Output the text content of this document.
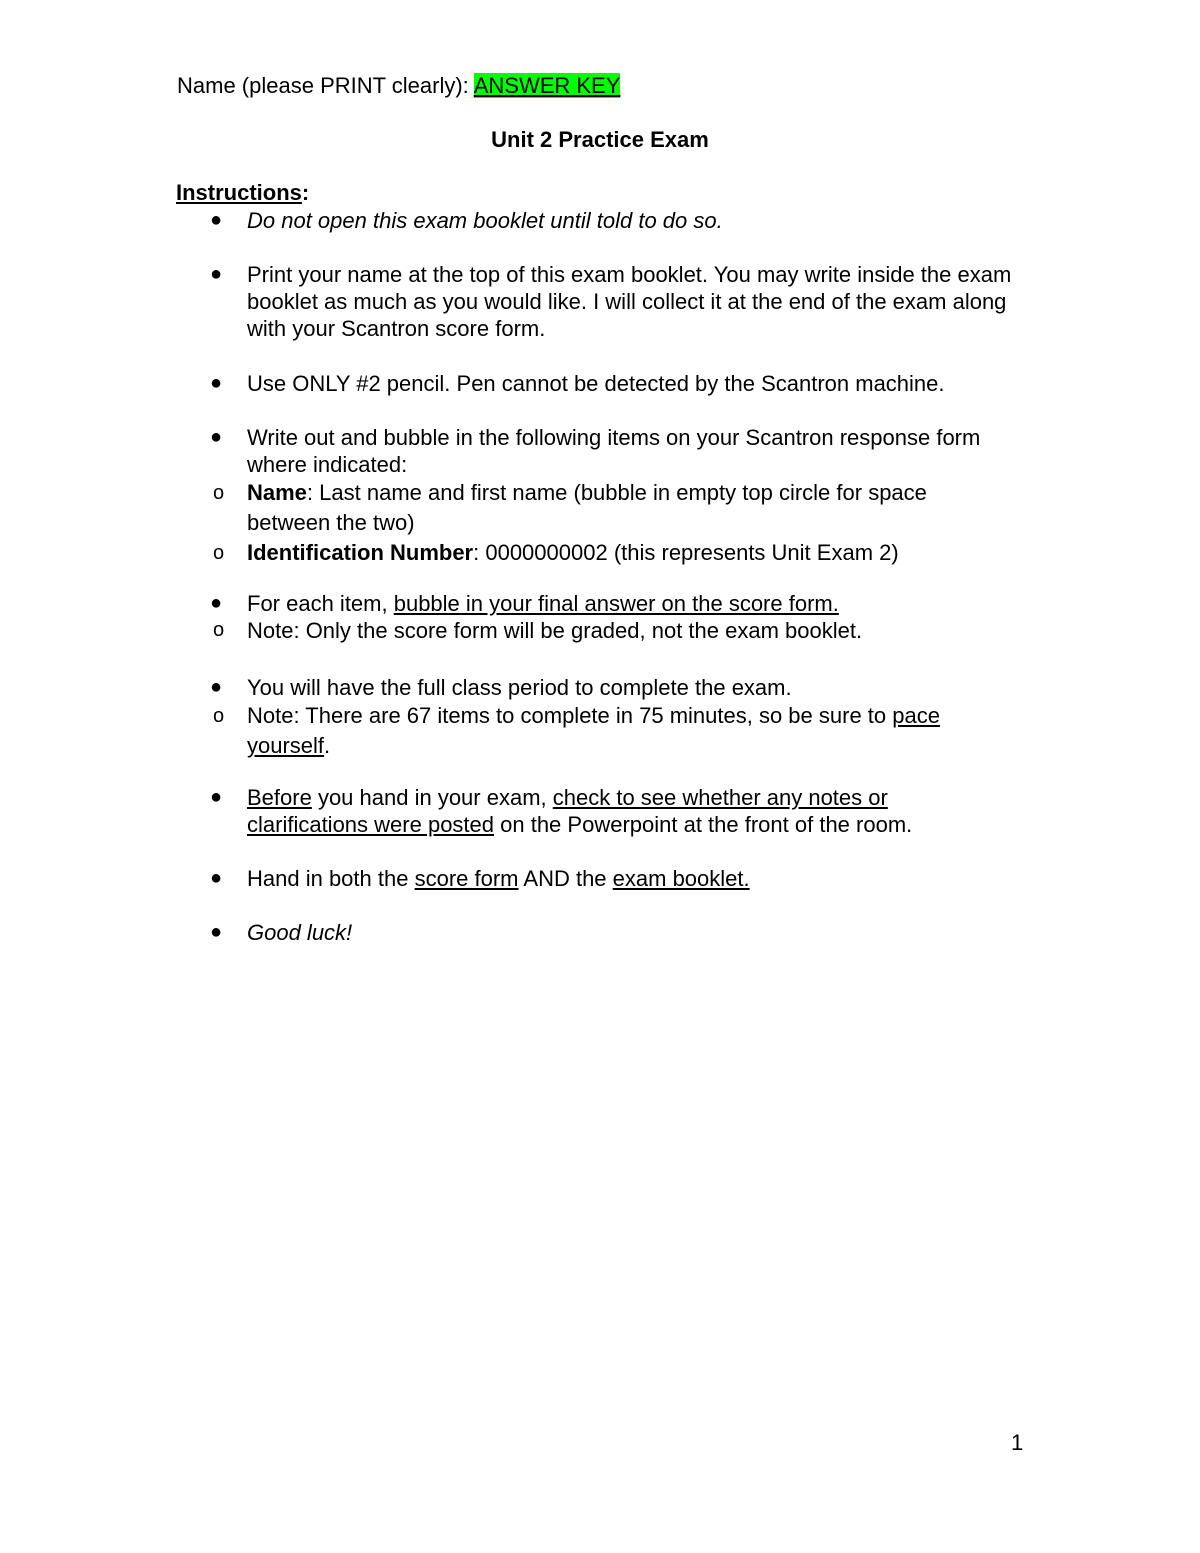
Name (please PRINT clearly): ANSWER KEY
Unit 2 Practice Exam
Instructions:
● Do not open this exam booklet until told to do so.
● Print your name at the top of this exam booklet. You may write inside the exam booklet as much as you would like. I will collect it at the end of the exam along with your Scantron score form.
● Use ONLY #2 pencil. Pen cannot be detected by the Scantron machine.
● Write out and bubble in the following items on your Scantron response form where indicated:
o Name: Last name and first name (bubble in empty top circle for space between the two)
o Identification Number: 0000000002 (this represents Unit Exam 2)
● For each item, bubble in your final answer on the score form.
o Note: Only the score form will be graded, not the exam booklet.
● You will have the full class period to complete the exam.
o Note: There are 67 items to complete in 75 minutes, so be sure to pace yourself.
● Before you hand in your exam, check to see whether any notes or clarifications were posted on the Powerpoint at the front of the room.
● Hand in both the score form AND the exam booklet.
● Good luck!
1
